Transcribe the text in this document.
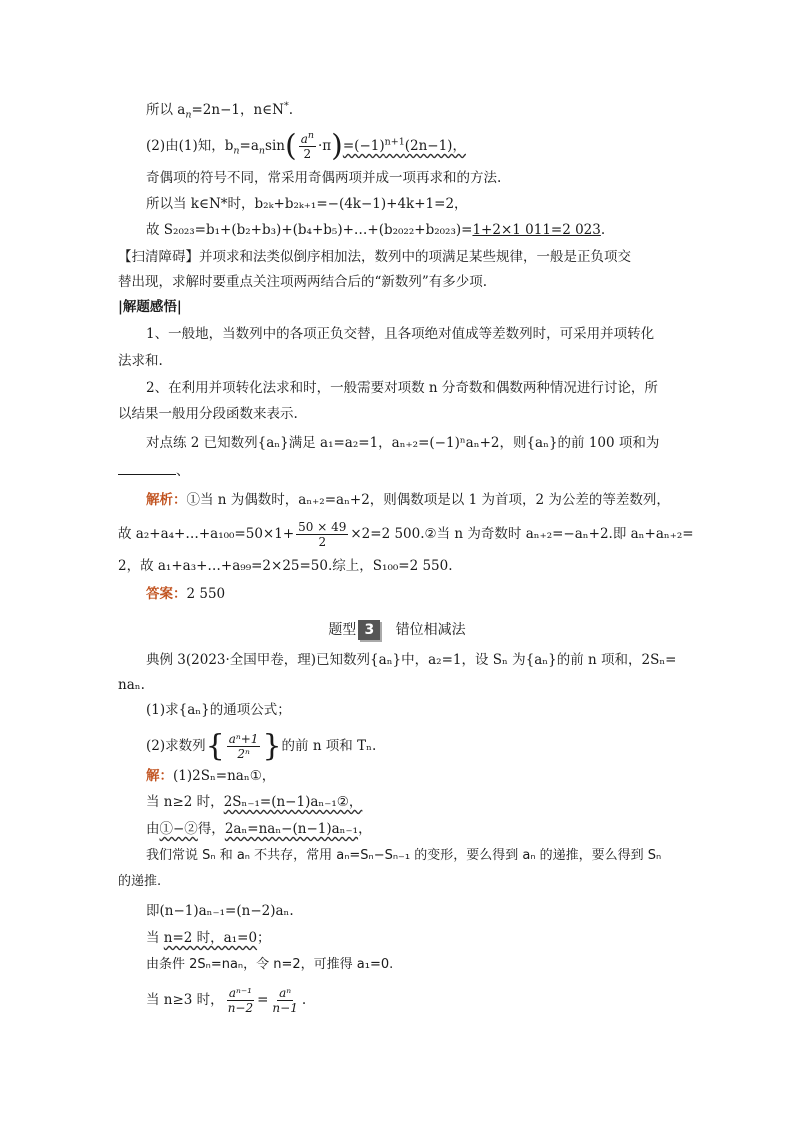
所以 $a_n=2n-1$，n∈N*.
(2)由(1)知，$b_n=a_n\sin( \frac{a^n}{2} \cdot\pi)=(-1)^{n+1}(2n-1)$，
奇偶项的符号不同，常采用奇偶两项并成一项再求和的方法.
所以当 k∈N*时，b₂ₖ+b₂ₖ₊₁=−(4k−1)+4k+1=2，
故 S₂₀₂₃=b₁+(b₂+b₃)+(b₄+b₅)+…+(b₂₀₂₂+b₂₀₂₃)=1+2×1 011=2 023.
【扫清障碍】并项求和法类似倒序相加法，数列中的项满足某些规律，一般是正负项交
替出现，求解时要重点关注项两两结合后的“新数列”有多少项.
|解题感悟|
1、一般地，当数列中的各项正负交替，且各项绝对值成等差数列时，可采用并项转化
法求和.
2、在利用并项转化法求和时，一般需要对项数 n 分奇数和偶数两种情况进行讨论，所
以结果一般用分段函数来表示.
对点练 2 已知数列{aₙ}满足 a₁=a₂=1，aₙ₊₂=(−1)ⁿaₙ+2，则{aₙ}的前 100 项和为
、
解析：①当 n 为偶数时，aₙ₊₂=aₙ+2，则偶数项是以 1 为首项，2 为公差的等差数列，
故 a₂+a₄+…+a₁₀₀=50×1+ $\frac{50 \times 49}{2} \times 2=2$ 500.②当 n 为奇数时 aₙ₊₂=−aₙ+2.即 aₙ+aₙ₊₂=
2，故 a₁+a₃+…+a₉₉=2×25=50.综上，S₁₀₀=2 550.
答案：2 550
题型 3 错位相减法
典例 3(2023·全国甲卷，理)已知数列{aₙ}中，a₂=1，设 Sₙ 为{aₙ}的前 n 项和，2Sₙ=
naₙ.
(1)求{aₙ}的通项公式；
(2)求数列{ $\frac{\text{aⁿ+1}}{\text{2ⁿ}}$ }的前 n 项和 Tₙ.
解：(1)2Sₙ=naₙ①，
当 n≥2 时，2Sₙ₋₁=(n−1)aₙ₋₁②，
由①−②得，2aₙ=naₙ−(n−1)aₙ₋₁，
我们常说 Sₙ 和 aₙ 不共存，常用 aₙ=Sₙ−Sₙ₋₁ 的变形，要么得到 aₙ 的递推，要么得到 Sₙ
的递推.
即(n−1)aₙ₋₁=(n−2)aₙ.
当 n=2 时，a₁=0；
由条件 2Sₙ=naₙ，令 n=2，可推得 a₁=0.
当 n≥3 时， $\frac{\text{aⁿ⁻¹}}{n-2} = \frac{\text{aⁿ}}{n-1}$ .
